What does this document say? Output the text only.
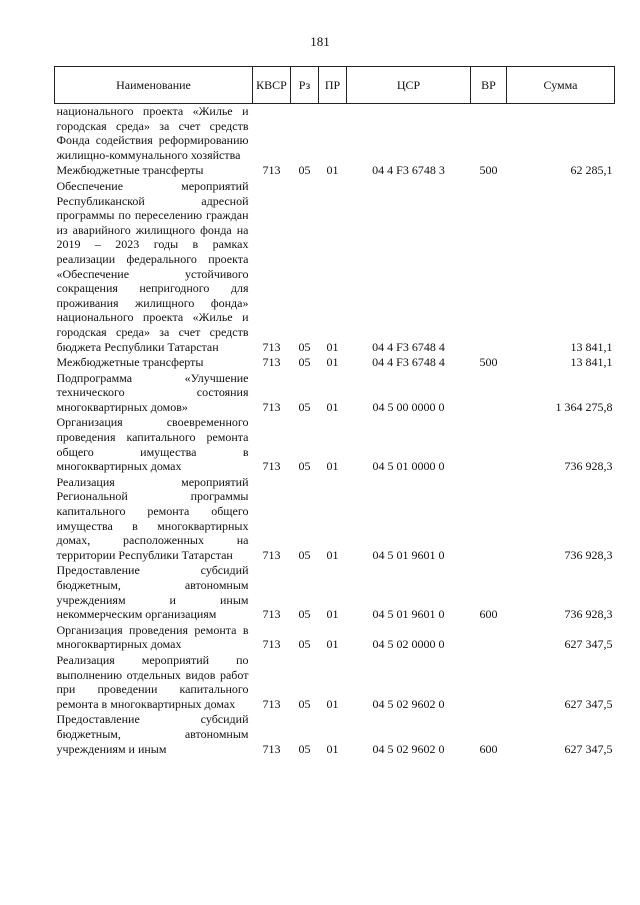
181
Наименование	КВСР	Рз	ПР	ЦСР	ВР	Сумма
национального проекта «Жилье и городская среда» за счет средств Фонда содействия реформированию жилищно-коммунального хозяйства						
Межбюджетные трансферты	713	05	01	04 4 F3 6748 3	500	62 285,1
Обеспечение мероприятий Республиканской адресной программы по переселению граждан из аварийного жилищного фонда на 2019 – 2023 годы в рамках реализации федерального проекта «Обеспечение устойчивого сокращения непригодного для проживания жилищного фонда» национального проекта «Жилье и городская среда» за счет средств бюджета Республики Татарстан	713	05	01	04 4 F3 6748 4		13 841,1
Межбюджетные трансферты	713	05	01	04 4 F3 6748 4	500	13 841,1
Подпрограмма «Улучшение технического состояния многоквартирных домов»	713	05	01	04 5 00 0000 0		1 364 275,8
Организация своевременного проведения капитального ремонта общего имущества в многоквартирных домах	713	05	01	04 5 01 0000 0		736 928,3
Реализация мероприятий Региональной программы капитального ремонта общего имущества в многоквартирных домах, расположенных на территории Республики Татарстан	713	05	01	04 5 01 9601 0		736 928,3
Предоставление субсидий бюджетным, автономным учреждениям и иным некоммерческим организациям	713	05	01	04 5 01 9601 0	600	736 928,3
Организация проведения ремонта в многоквартирных домах	713	05	01	04 5 02 0000 0		627 347,5
Реализация мероприятий по выполнению отдельных видов работ при проведении капитального ремонта в многоквартирных домах	713	05	01	04 5 02 9602 0		627 347,5
Предоставление субсидий бюджетным, автономным учреждениям и иным	713	05	01	04 5 02 9602 0	600	627 347,5
